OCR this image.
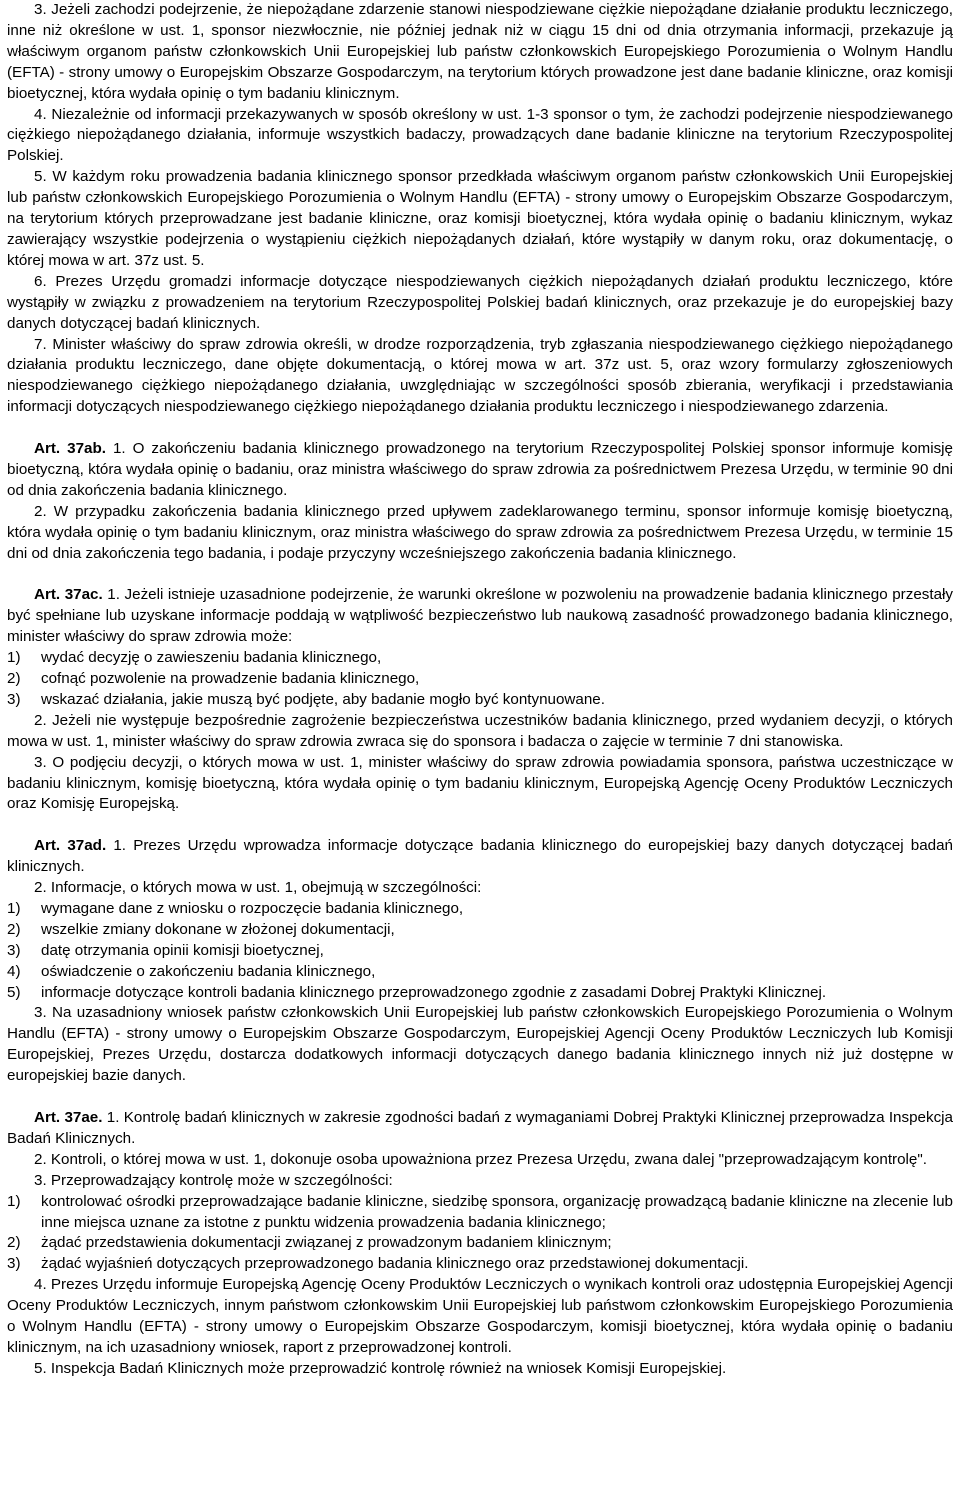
3. Jeżeli zachodzi podejrzenie, że niepożądane zdarzenie stanowi niespodziewane ciężkie niepożądane działanie produktu leczniczego, inne niż określone w ust. 1, sponsor niezwłocznie, nie później jednak niż w ciągu 15 dni od dnia otrzymania informacji, przekazuje ją właściwym organom państw członkowskich Unii Europejskiej lub państw członkowskich Europejskiego Porozumienia o Wolnym Handlu (EFTA) - strony umowy o Europejskim Obszarze Gospodarczym, na terytorium których prowadzone jest dane badanie kliniczne, oraz komisji bioetycznej, która wydała opinię o tym badaniu klinicznym.

4. Niezależnie od informacji przekazywanych w sposób określony w ust. 1-3 sponsor o tym, że zachodzi podejrzenie niespodziewanego ciężkiego niepożądanego działania, informuje wszystkich badaczy, prowadzących dane badanie kliniczne na terytorium Rzeczypospolitej Polskiej.

5. W każdym roku prowadzenia badania klinicznego sponsor przedkłada właściwym organom państw członkowskich Unii Europejskiej lub państw członkowskich Europejskiego Porozumienia o Wolnym Handlu (EFTA) - strony umowy o Europejskim Obszarze Gospodarczym, na terytorium których przeprowadzane jest badanie kliniczne, oraz komisji bioetycznej, która wydała opinię o badaniu klinicznym, wykaz zawierający wszystkie podejrzenia o wystąpieniu ciężkich niepożądanych działań, które wystąpiły w danym roku, oraz dokumentację, o której mowa w art. 37z ust. 5.

6. Prezes Urzędu gromadzi informacje dotyczące niespodziewanych ciężkich niepożądanych działań produktu leczniczego, które wystąpiły w związku z prowadzeniem na terytorium Rzeczypospolitej Polskiej badań klinicznych, oraz przekazuje je do europejskiej bazy danych dotyczącej badań klinicznych.

7. Minister właściwy do spraw zdrowia określi, w drodze rozporządzenia, tryb zgłaszania niespodziewanego ciężkiego niepożądanego działania produktu leczniczego, dane objęte dokumentacją, o której mowa w art. 37z ust. 5, oraz wzory formularzy zgłoszeniowych niespodziewanego ciężkiego niepożądanego działania, uwzględniając w szczególności sposób zbierania, weryfikacji i przedstawiania informacji dotyczących niespodziewanego ciężkiego niepożądanego działania produktu leczniczego i niespodziewanego zdarzenia.

Art. 37ab. 1. O zakończeniu badania klinicznego prowadzonego na terytorium Rzeczypospolitej Polskiej sponsor informuje komisję bioetyczną, która wydała opinię o badaniu, oraz ministra właściwego do spraw zdrowia za pośrednictwem Prezesa Urzędu, w terminie 90 dni od dnia zakończenia badania klinicznego.

2. W przypadku zakończenia badania klinicznego przed upływem zadeklarowanego terminu, sponsor informuje komisję bioetyczną, która wydała opinię o tym badaniu klinicznym, oraz ministra właściwego do spraw zdrowia za pośrednictwem Prezesa Urzędu, w terminie 15 dni od dnia zakończenia tego badania, i podaje przyczyny wcześniejszego zakończenia badania klinicznego.

Art. 37ac. 1. Jeżeli istnieje uzasadnione podejrzenie, że warunki określone w pozwoleniu na prowadzenie badania klinicznego przestały być spełniane lub uzyskane informacje poddają w wątpliwość bezpieczeństwo lub naukową zasadność prowadzonego badania klinicznego, minister właściwy do spraw zdrowia może:

1)	wydać decyzję o zawieszeniu badania klinicznego,
2)	cofnąć pozwolenie na prowadzenie badania klinicznego,
3)	wskazać działania, jakie muszą być podjęte, aby badanie mogło być kontynuowane.

2. Jeżeli nie występuje bezpośrednie zagrożenie bezpieczeństwa uczestników badania klinicznego, przed wydaniem decyzji, o których mowa w ust. 1, minister właściwy do spraw zdrowia zwraca się do sponsora i badacza o zajęcie w terminie 7 dni stanowiska.

3. O podjęciu decyzji, o których mowa w ust. 1, minister właściwy do spraw zdrowia powiadamia sponsora, państwa uczestniczące w badaniu klinicznym, komisję bioetyczną, która wydała opinię o tym badaniu klinicznym, Europejską Agencję Oceny Produktów Leczniczych oraz Komisję Europejską.

Art. 37ad. 1. Prezes Urzędu wprowadza informacje dotyczące badania klinicznego do europejskiej bazy danych dotyczącej badań klinicznych.

2. Informacje, o których mowa w ust. 1, obejmują w szczególności:

1)	wymagane dane z wniosku o rozpoczęcie badania klinicznego,
2)	wszelkie zmiany dokonane w złożonej dokumentacji,
3)	datę otrzymania opinii komisji bioetycznej,
4)	oświadczenie o zakończeniu badania klinicznego,
5)	informacje dotyczące kontroli badania klinicznego przeprowadzonego zgodnie z zasadami Dobrej Praktyki Klinicznej.

3. Na uzasadniony wniosek państw członkowskich Unii Europejskiej lub państw członkowskich Europejskiego Porozumienia o Wolnym Handlu (EFTA) - strony umowy o Europejskim Obszarze Gospodarczym, Europejskiej Agencji Oceny Produktów Leczniczych lub Komisji Europejskiej, Prezes Urzędu, dostarcza dodatkowych informacji dotyczących danego badania klinicznego innych niż już dostępne w europejskiej bazie danych.

Art. 37ae. 1. Kontrolę badań klinicznych w zakresie zgodności badań z wymaganiami Dobrej Praktyki Klinicznej przeprowadza Inspekcja Badań Klinicznych.

2. Kontroli, o której mowa w ust. 1, dokonuje osoba upoważniona przez Prezesa Urzędu, zwana dalej "przeprowadzającym kontrolę".

3. Przeprowadzający kontrolę może w szczególności:

1)	kontrolować ośrodki przeprowadzające badanie kliniczne, siedzibę sponsora, organizację prowadzącą badanie kliniczne na zlecenie lub inne miejsca uznane za istotne z punktu widzenia prowadzenia badania klinicznego;
2)	żądać przedstawienia dokumentacji związanej z prowadzonym badaniem klinicznym;
3)	żądać wyjaśnień dotyczących przeprowadzonego badania klinicznego oraz przedstawionej dokumentacji.

4. Prezes Urzędu informuje Europejską Agencję Oceny Produktów Leczniczych o wynikach kontroli oraz udostępnia Europejskiej Agencji Oceny Produktów Leczniczych, innym państwom członkowskim Unii Europejskiej lub państwom członkowskim Europejskiego Porozumienia o Wolnym Handlu (EFTA) - strony umowy o Europejskim Obszarze Gospodarczym, komisji bioetycznej, która wydała opinię o badaniu klinicznym, na ich uzasadniony wniosek, raport z przeprowadzonej kontroli.

5. Inspekcja Badań Klinicznych może przeprowadzić kontrolę również na wniosek Komisji Europejskiej.
